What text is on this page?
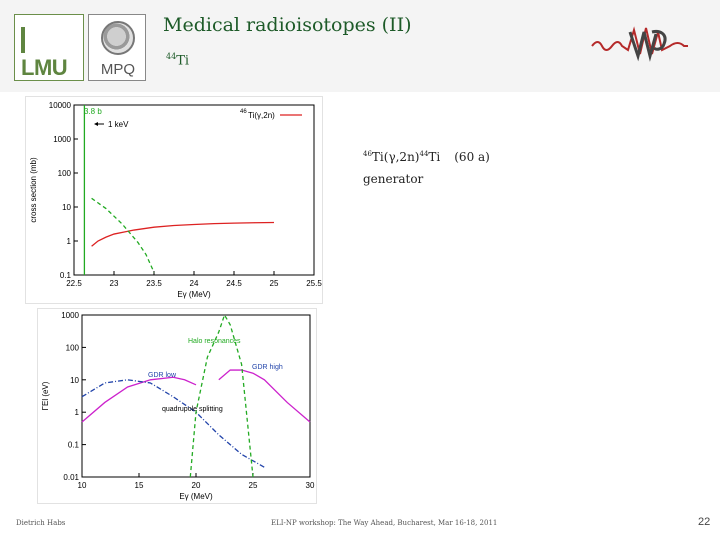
LMU	MPQ
Medical radioisotopes (II)
$^{44}$Ti
22.5	23	23.5	24	24.5	25	25.5
0.1
1
10
100
1000
10000
Eγ (MeV)
cross section (mb)
3.8 b
1 keV
46 Ti(γ,2n)
10	15	20	25	30
0.01
0.1
1
10
100
1000
Eγ (MeV)
ΓEl (eV)
Halo resonances
GDR low
GDR high
quadrupole splitting
$^{46}Ti(\gamma,2n)^{44}Ti$ (60 a)
generator
Dietrich Habs	ELI-NP workshop: The Way Ahead, Bucharest, Mar 16-18, 2011	22
